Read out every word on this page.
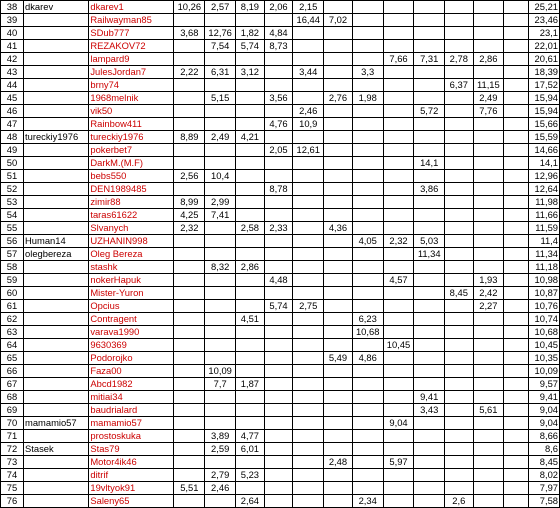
38	dkarev	dkarev1	10,26	2,57	8,19	2,06	2,15										25,21
39		Railwayman85					16,44	7,02									23,46
40		SDub777	3,68	12,76	1,82	4,84											23,1
41		REZAKOV72		7,54	5,74	8,73											22,01
42		lampard9								7,66	7,31	2,78	2,86				20,61
43		JulesJordan7	2,22	6,31	3,12		3,44		3,3								18,39
44		brny74										6,37	11,15				17,52
45		1968melnik		5,15		3,56		2,76	1,98				2,49				15,94
46		vik50					2,46				5,72		7,76				15,94
47		Rainbow411				4,76	10,9										15,66
48	tureckiy1976	tureckiy1976	8,89	2,49	4,21												15,59
49		pokerbet7				2,05	12,61										14,66
50		DarkM.(M.F)									14,1						14,1
51		bebs550	2,56	10,4													12,96
52		DEN1989485				8,78					3,86						12,64
53		zimir88	8,99	2,99													11,98
54		taras61622	4,25	7,41													11,66
55		Slvanych	2,32		2,58	2,33		4,36									11,59
56	Human14	UZHANIN998							4,05	2,32	5,03						11,4
57	olegbereza	Oleg Bereza									11,34						11,34
58		stashk		8,32	2,86												11,18
59		nokerHapuk				4,48				4,57			1,93				10,98
60		Mister-Yuron										8,45	2,42				10,87
61		Opcius				5,74	2,75						2,27				10,76
62		Contragent			4,51				6,23								10,74
63		varava1990							10,68								10,68
64		9630369								10,45							10,45
65		Podorojko						5,49	4,86								10,35
66		Faza00		10,09													10,09
67		Abcd1982		7,7	1,87												9,57
68		mitiai34									9,41						9,41
69		baudrialard									3,43		5,61				9,04
70	mamamio57	mamamio57								9,04							9,04
71		prostoskuka		3,89	4,77												8,66
72	Stasek	Stas79		2,59	6,01												8,6
73		Motor4ik46						2,48		5,97							8,45
74		ditrif		2,79	5,23												8,02
75		19vltyok91	5,51	2,46													7,97
76		Saleny65			2,64				2,34			2,6					7,58
